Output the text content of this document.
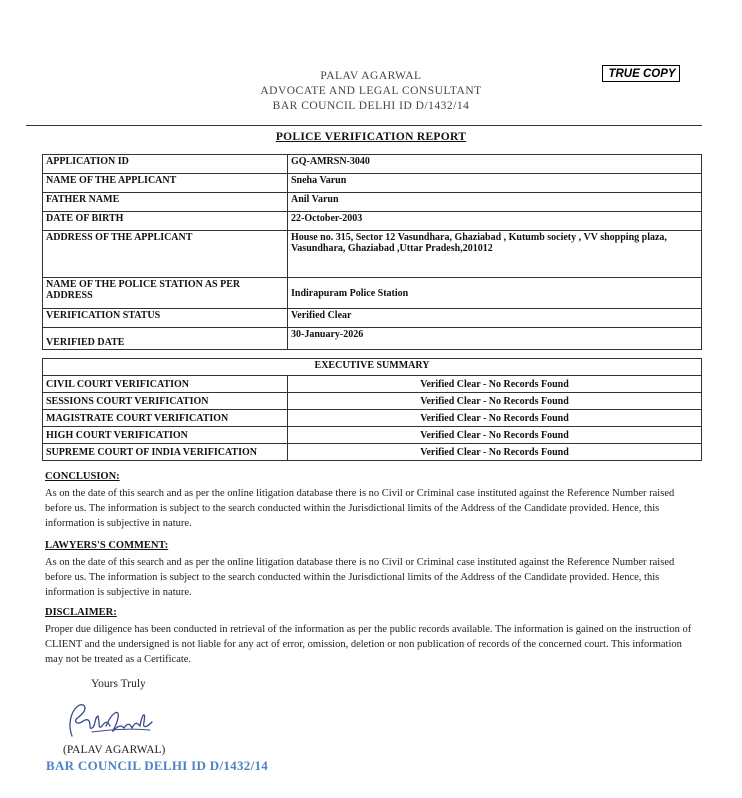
PALAV AGARWAL
ADVOCATE AND LEGAL CONSULTANT
BAR COUNCIL DELHI ID D/1432/14
TRUE COPY
POLICE VERIFICATION REPORT
APPLICATION ID	GQ-AMRSN-3040
NAME OF THE APPLICANT	Sneha Varun
FATHER NAME	Anil Varun
DATE OF BIRTH	22-October-2003
ADDRESS OF THE APPLICANT	House no. 315, Sector 12 Vasundhara, Ghaziabad , Kutumb society , VV shopping plaza, Vasundhara, Ghaziabad ,Uttar Pradesh,201012
NAME OF THE POLICE STATION AS PER ADDRESS	Indirapuram Police Station
VERIFICATION STATUS	Verified Clear
VERIFIED DATE	30-January-2026
EXECUTIVE SUMMARY	
CIVIL COURT VERIFICATION	Verified Clear - No Records Found
SESSIONS COURT VERIFICATION	Verified Clear - No Records Found
MAGISTRATE COURT VERIFICATION	Verified Clear - No Records Found
HIGH COURT VERIFICATION	Verified Clear - No Records Found
SUPREME COURT OF INDIA VERIFICATION	Verified Clear - No Records Found
CONCLUSION:

As on the date of this search and as per the online litigation database there is no Civil or Criminal case instituted against the Reference Number raised before us. The information is subject to the search conducted within the Jurisdictional limits of the Address of the Candidate provided. Hence, this information is subjective in nature.

LAWYERS'S COMMENT:

As on the date of this search and as per the online litigation database there is no Civil or Criminal case instituted against the Reference Number raised before us. The information is subject to the search conducted within the Jurisdictional limits of the Address of the Candidate provided. Hence, this information is subjective in nature.

DISCLAIMER:

Proper due diligence has been conducted in retrieval of the information as per the public records available. The information is gained on the instruction of CLIENT and the undersigned is not liable for any act of error, omission, deletion or non publication of records of the concerned court. This information may not be treated as a Certificate.

Yours Truly
(PALAV AGARWAL)
BAR COUNCIL DELHI ID D/1432/14
